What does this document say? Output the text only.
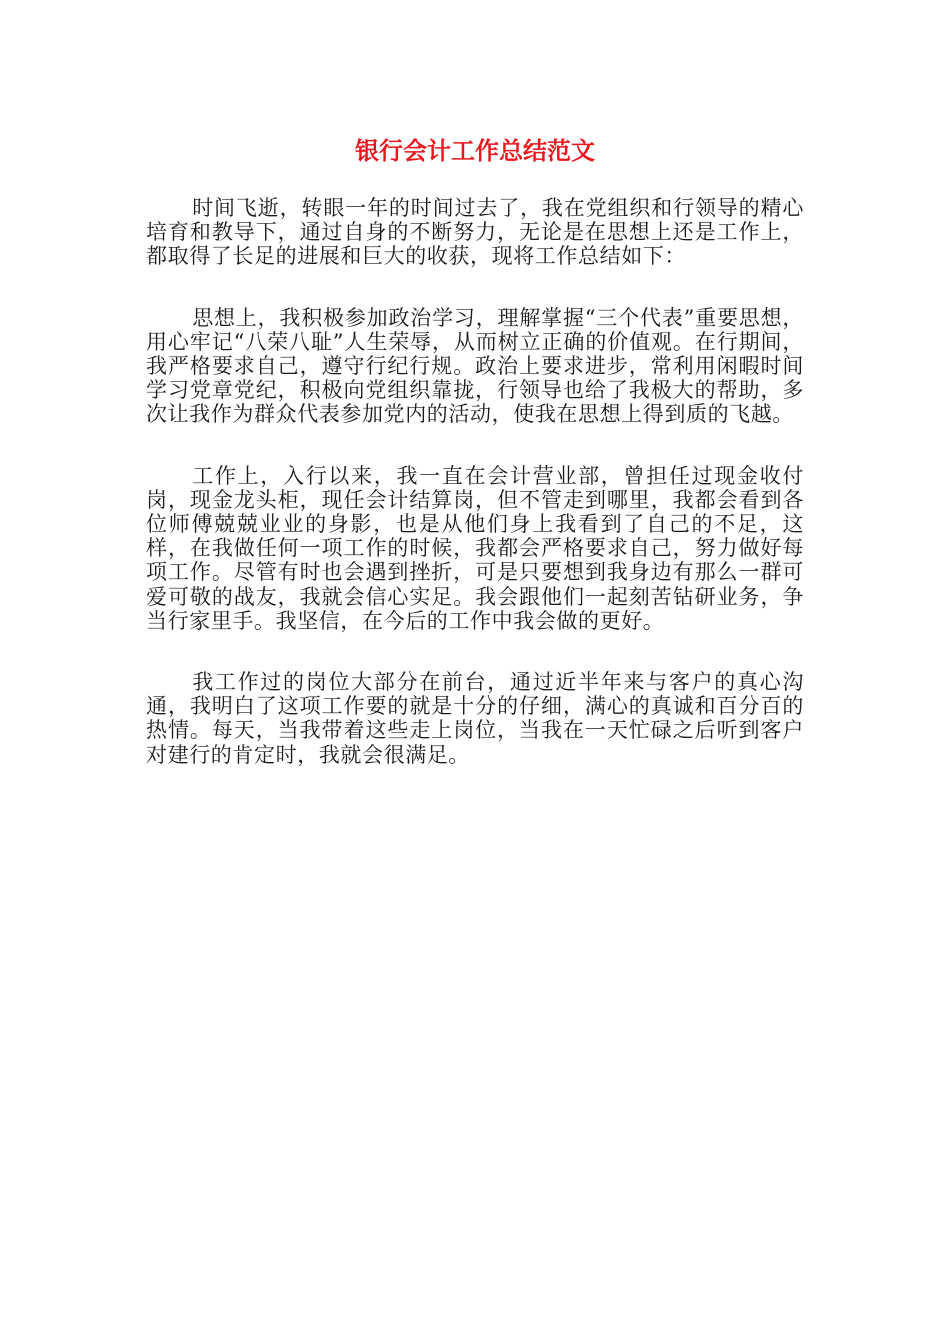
银行会计工作总结范文

时间飞逝，转眼一年的时间过去了，我在党组织和行领导的精心培育和教导下，通过自身的不断努力，无论是在思想上还是工作上，都取得了长足的进展和巨大的收获，现将工作总结如下：

思想上，我积极参加政治学习，理解掌握“三个代表”重要思想，用心牢记“八荣八耻”人生荣辱，从而树立正确的价值观。在行期间，我严格要求自己，遵守行纪行规。政治上要求进步，常利用闲暇时间学习党章党纪，积极向党组织靠拢，行领导也给了我极大的帮助，多次让我作为群众代表参加党内的活动，使我在思想上得到质的飞越。

工作上，入行以来，我一直在会计营业部，曾担任过现金收付岗，现金龙头柜，现任会计结算岗，但不管走到哪里，我都会看到各位师傅兢兢业业的身影，也是从他们身上我看到了自己的不足，这样，在我做任何一项工作的时候，我都会严格要求自己，努力做好每项工作。尽管有时也会遇到挫折，可是只要想到我身边有那么一群可爱可敬的战友，我就会信心实足。我会跟他们一起刻苦钻研业务，争当行家里手。我坚信，在今后的工作中我会做的更好。

我工作过的岗位大部分在前台，通过近半年来与客户的真心沟通，我明白了这项工作要的就是十分的仔细，满心的真诚和百分百的热情。每天，当我带着这些走上岗位，当我在一天忙碌之后听到客户对建行的肯定时，我就会很满足。
